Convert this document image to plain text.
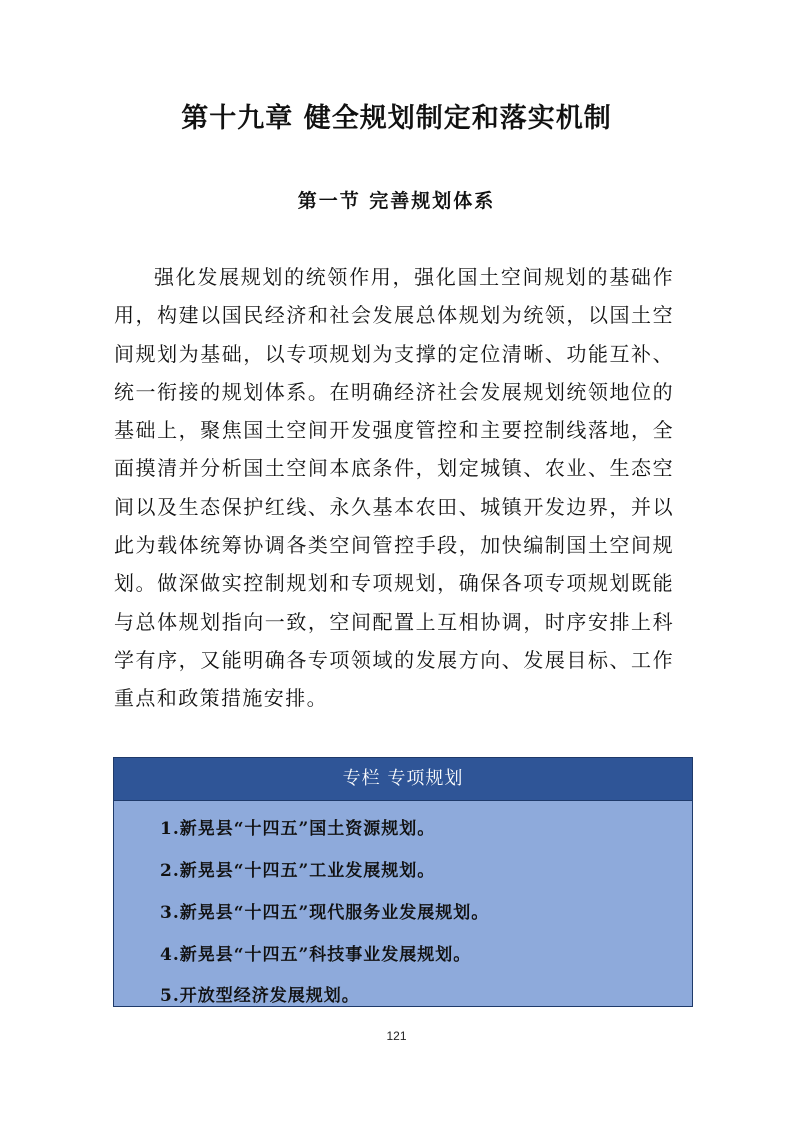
第十九章 健全规划制定和落实机制
第一节 完善规划体系

强化发展规划的统领作用，强化国土空间规划的基础作用，构建以国民经济和社会发展总体规划为统领，以国土空间规划为基础，以专项规划为支撑的定位清晰、功能互补、统一衔接的规划体系。在明确经济社会发展规划统领地位的基础上，聚焦国土空间开发强度管控和主要控制线落地，全面摸清并分析国土空间本底条件，划定城镇、农业、生态空间以及生态保护红线、永久基本农田、城镇开发边界，并以此为载体统筹协调各类空间管控手段，加快编制国土空间规划。做深做实控制规划和专项规划，确保各项专项规划既能与总体规划指向一致，空间配置上互相协调，时序安排上科学有序，又能明确各专项领域的发展方向、发展目标、工作重点和政策措施安排。

专栏 专项规划
1.新晃县“十四五”国土资源规划。
2.新晃县“十四五”工业发展规划。
3.新晃县“十四五”现代服务业发展规划。
4.新晃县“十四五”科技事业发展规划。
5.开放型经济发展规划。
121
